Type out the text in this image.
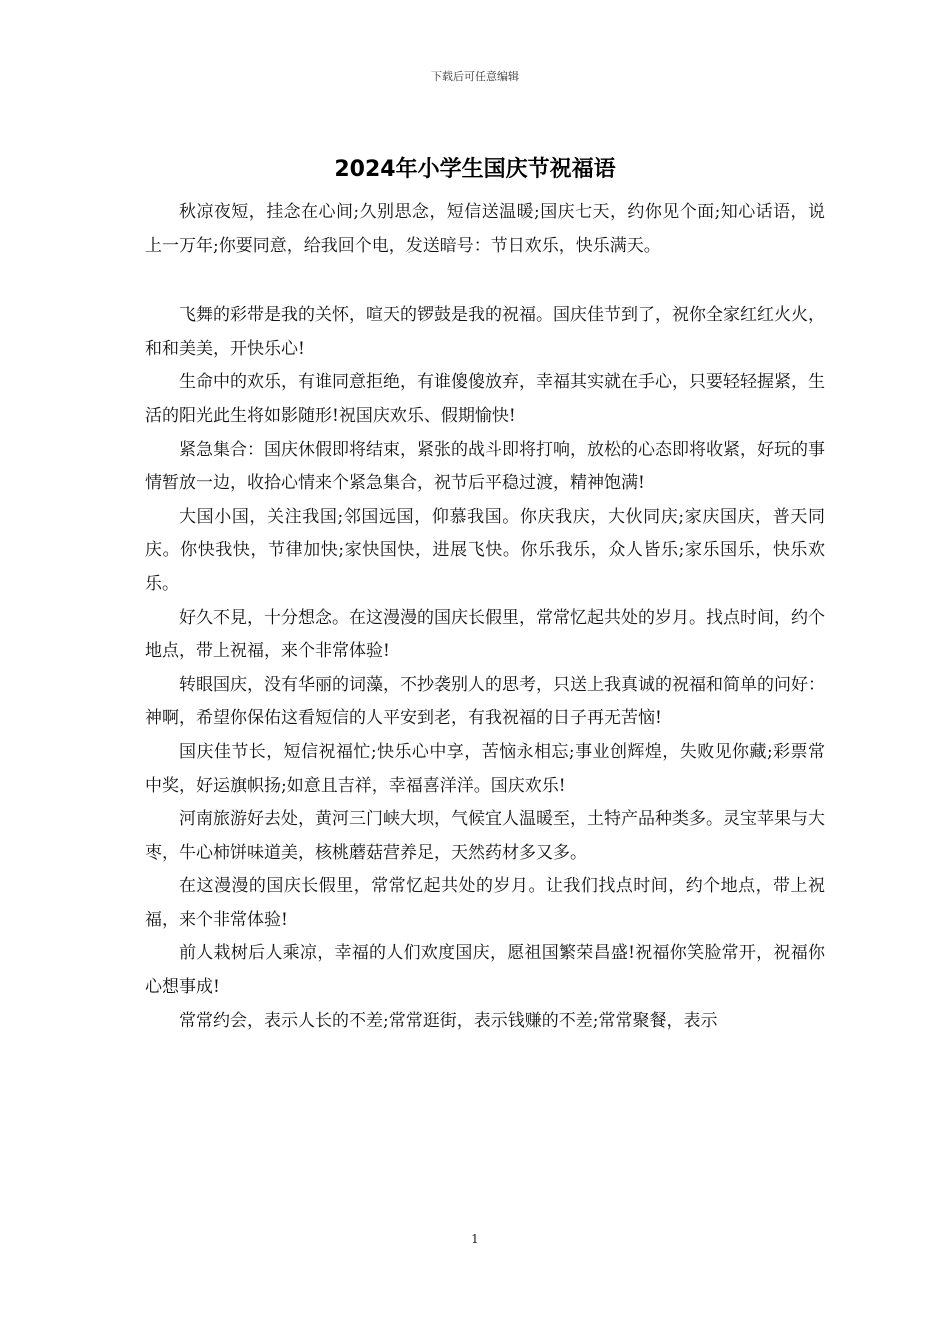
下载后可任意编辑
2024年小学生国庆节祝福语

秋凉夜短，挂念在心间;久别思念，短信送温暖;国庆七天，约你见个面;知心话语，说上一万年;你要同意，给我回个电，发送暗号：节日欢乐，快乐满天。

飞舞的彩带是我的关怀，喧天的锣鼓是我的祝福。国庆佳节到了，祝你全家红红火火，和和美美，开快乐心!

生命中的欢乐，有谁同意拒绝，有谁傻傻放弃，幸福其实就在手心，只要轻轻握紧，生活的阳光此生将如影随形!祝国庆欢乐、假期愉快!

紧急集合：国庆休假即将结束，紧张的战斗即将打响，放松的心态即将收紧，好玩的事情暂放一边，收拾心情来个紧急集合，祝节后平稳过渡，精神饱满!

大国小国，关注我国;邻国远国，仰慕我国。你庆我庆，大伙同庆;家庆国庆，普天同庆。你快我快，节律加快;家快国快，进展飞快。你乐我乐，众人皆乐;家乐国乐，快乐欢乐。

好久不見，十分想念。在这漫漫的国庆长假里，常常忆起共处的岁月。找点时间，约个地点，带上祝福，来个非常体验!

转眼国庆，没有华丽的词藻，不抄袭别人的思考，只送上我真诚的祝福和简单的问好：神啊，希望你保佑这看短信的人平安到老，有我祝福的日子再无苦恼!

国庆佳节长，短信祝福忙;快乐心中享，苦恼永相忘;事业创辉煌，失败见你藏;彩票常中奖，好运旗帜扬;如意且吉祥，幸福喜洋洋。国庆欢乐!

河南旅游好去处，黄河三门峡大坝，气候宜人温暖至，土特产品种类多。灵宝苹果与大枣，牛心柿饼味道美，核桃蘑菇营养足，天然药材多又多。

在这漫漫的国庆长假里，常常忆起共处的岁月。让我们找点时间，约个地点，带上祝福，来个非常体验!

前人栽树后人乘凉，幸福的人们欢度国庆，愿祖国繁荣昌盛!祝福你笑脸常开，祝福你心想事成!

常常约会，表示人长的不差;常常逛街，表示钱赚的不差;常常聚餐，表示

1
